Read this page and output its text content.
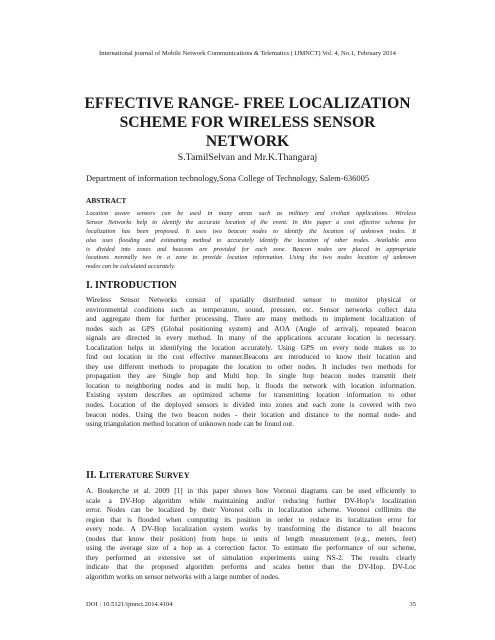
International journal of Mobile Network Communications & Telematics ( IJMNCT) Vol. 4, No.1, February 2014
EFFECTIVE RANGE- FREE LOCALIZATION
SCHEME FOR WIRELESS SENSOR
NETWORK
S.TamilSelvan and Mr.K.Thangaraj
Department of information technology,Sona College of Technology, Salem-636005
ABSTRACT
Location aware sensors can be used in many areas such as military and civilian applications. Wireless
Sensor Networks help to identify the accurate location of the event. In this paper a cost effective schema for
localization has been proposed. It uses two beacon nodes to identify the location of unknown nodes. It
also uses flooding and estimating method to accurately identify the location of other nodes. Available area
is divided into zones and beacons are provided for each zone. Beacon nodes are placed in appropriate
locations normally two in a zone to provide location information. Using the two nodes location of unknown
nodes can be calculated accurately.
I. INTRODUCTION
Wireless Sensor Networks consist of spatially distributed sensor to monitor physical or
environmental conditions such as temperature, sound, pressure, etc. Sensor networks collect data
and aggregate them for further processing. There are many methods to implement localization of
nodes such as GPS (Global positioning system) and AOA (Angle of arrival), repeated beacon
signals are directed in every method. In many of the applications accurate location is necessary.
Localization helps in identifying the location accurately. Using GPS on every node makes us to
find out location in the cost effective manner.Beacons are introduced to know their location and
they use different methods to propagate the location to other nodes. It includes two methods for
propagation they are Single hop and Multi hop. In single hop beacon nodes transmit their
location to neighboring nodes and in multi hop, it floods the network with location information.
Existing system describes an optimized scheme for transmitting location information to other
nodes. Location of the deployed sensors is divided into zones and each zone is covered with two
beacon nodes. Using the two beacon nodes - their location and distance to the normal node- and
using triangulation method location of unknown node can be found out.
II. LITERATURE SURVEY
A. Boukerche et al. 2009 [1] in this paper shows how Voronoi diagrams can be used efficiently to
scale a DV-Hop algorithm while maintaining and/or reducing further DV-Hop’s localization
error. Nodes can be localized by their Voronoi cells in localization scheme. Voronoi celllimits the
region that is flooded when computing its position in order to reduce its localization error for
every node. A DV-Hop localization system works by transforming the distance to all beacons
(nodes that know their position) from hops to units of length measurement (e.g., meters, feet)
using the average size of a hop as a correction factor. To estimate the performance of our scheme,
they performed an extensive set of simulation experiments using NS-2. The results clearly
indicate that the proposed algorithm performs and scales better than the DV-Hop. DV-Loc
algorithm works on sensor networks with a large number of nodes.
DOI : 10.5121/ijmnct.2014.4104	35
